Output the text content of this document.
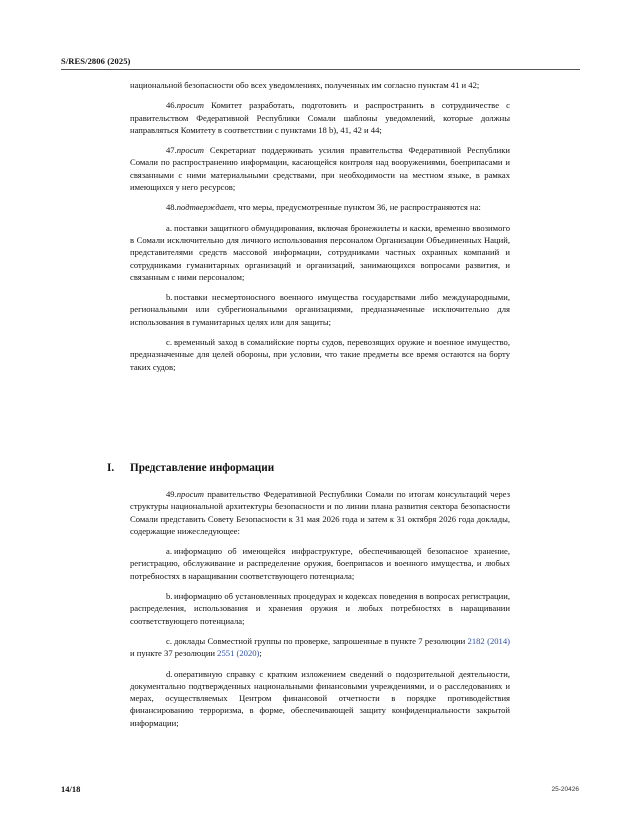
S/RES/2806 (2025)

национальной безопасности обо всех уведомлениях, полученных им согласно пунктам 41 и 42;

46.просит Комитет разработать, подготовить и распространить в сотрудничестве с правительством Федеративной Республики Сомали шаблоны уведомлений, которые должны направляться Комитету в соответствии с пунктами 18 b), 41, 42 и 44;

47.просит Секретариат поддерживать усилия правительства Федеративной Республики Сомали по распространению информации, касающейся контроля над вооружениями, боеприпасами и связанными с ними материальными средствами, при необходимости на местном языке, в рамках имеющихся у него ресурсов;

48.подтверждает, что меры, предусмотренные пунктом 36, не распространяются на:

a. поставки защитного обмундирования, включая бронежилеты и каски, временно ввозимого в Сомали исключительно для личного использования персоналом Организации Объединенных Наций, представителями средств массовой информации, сотрудниками частных охранных компаний и сотрудниками гуманитарных организаций и организаций, занимающихся вопросами развития, и связанным с ними персоналом;

b. поставки несмертоносного военного имущества государствами либо международными, региональными или субрегиональными организациями, предназначенные исключительно для использования в гуманитарных целях или для защиты;

c. временный заход в сомалийские порты судов, перевозящих оружие и военное имущество, предназначенные для целей обороны, при условии, что такие предметы все время остаются на борту таких судов;

I. Представление информации

49.просит правительство Федеративной Республики Сомали по итогам консультаций через структуры национальной архитектуры безопасности и по линии плана развития сектора безопасности Сомали представить Совету Безопасности к 31 мая 2026 года и затем к 31 октября 2026 года доклады, содержащие нижеследующее:

a. информацию об имеющейся инфраструктуре, обеспечивающей безопасное хранение, регистрацию, обслуживание и распределение оружия, боеприпасов и военного имущества, и любых потребностях в наращивании соответствующего потенциала;

b. информацию об установленных процедурах и кодексах поведения в вопросах регистрации, распределения, использования и хранения оружия и любых потребностях в наращивании соответствующего потенциала;

c. доклады Совместной группы по проверке, запрошенные в пункте 7 резолюции 2182 (2014) и пункте 37 резолюции 2551 (2020);

d. оперативную справку с кратким изложением сведений о подозрительной деятельности, документально подтвержденных национальными финансовыми учреждениями, и о расследованиях и мерах, осуществляемых Центром финансовой отчетности в порядке противодействия финансированию терроризма, в форме, обеспечивающей защиту конфиденциальности закрытой информации;

14/18	25-20426
